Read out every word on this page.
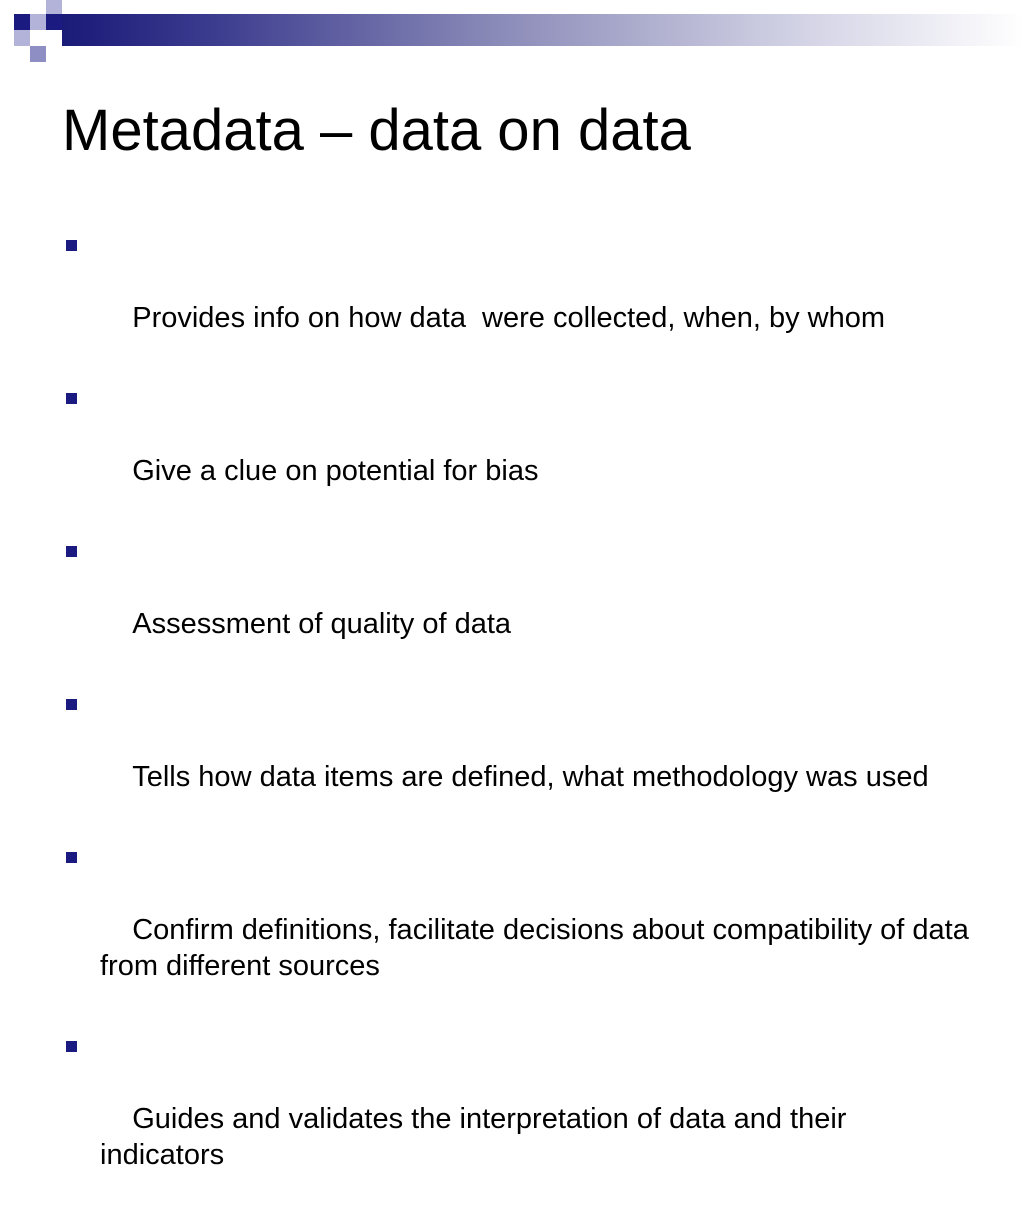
Metadata – data on data

Provides info on how data  were collected, when, by whom

Give a clue on potential for bias

Assessment of quality of data

Tells how data items are defined, what methodology was used

Confirm definitions, facilitate decisions about compatibility of data from different sources

Guides and validates the interpretation of data and their indicators
